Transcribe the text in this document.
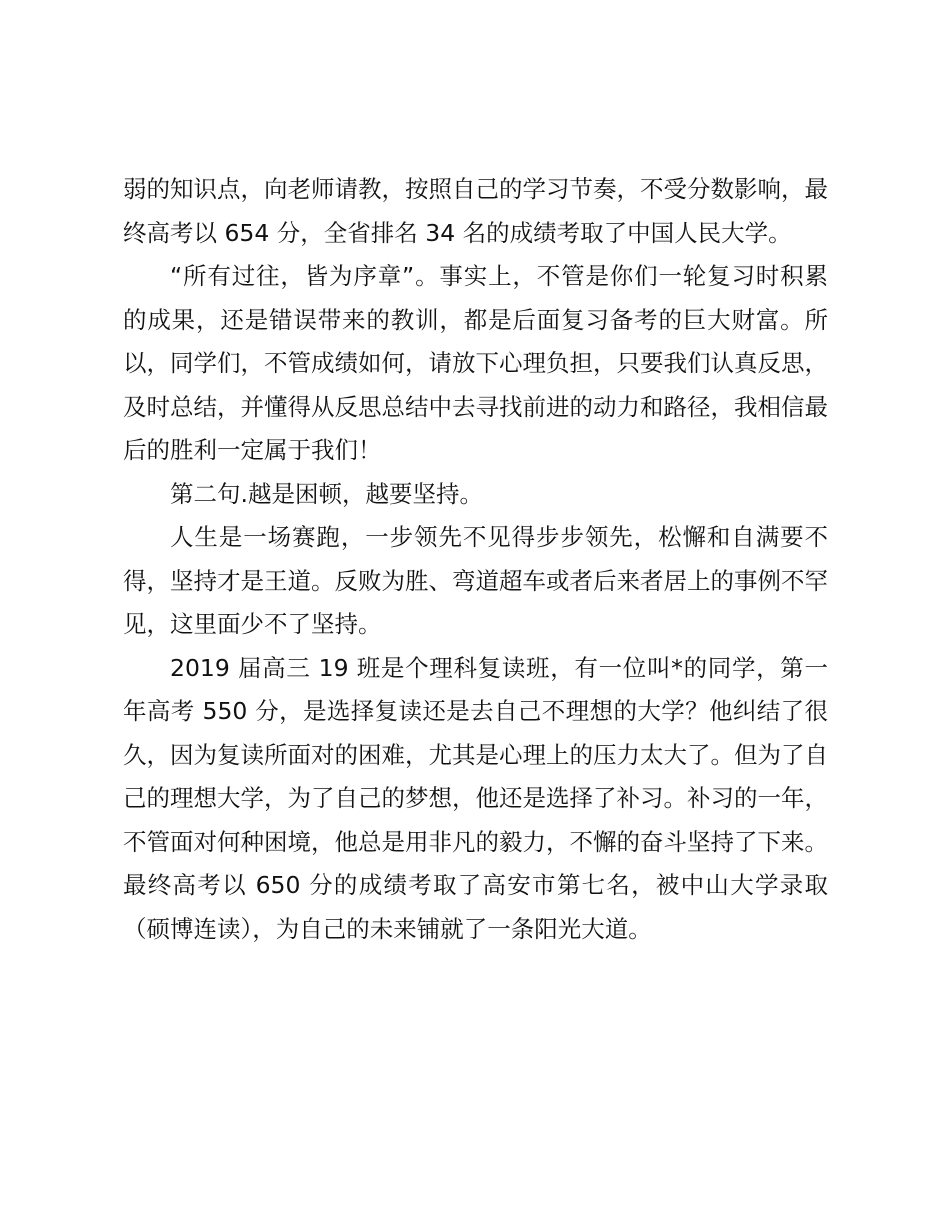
弱的知识点，向老师请教，按照自己的学习节奏，不受分数影响，最终高考以 654 分，全省排名 34 名的成绩考取了中国人民大学。

“所有过往，皆为序章”。事实上，不管是你们一轮复习时积累的成果，还是错误带来的教训，都是后面复习备考的巨大财富。所以，同学们，不管成绩如何，请放下心理负担，只要我们认真反思，及时总结，并懂得从反思总结中去寻找前进的动力和路径，我相信最后的胜利一定属于我们！

第二句.越是困顿，越要坚持。

人生是一场赛跑，一步领先不见得步步领先，松懈和自满要不得，坚持才是王道。反败为胜、弯道超车或者后来者居上的事例不罕见，这里面少不了坚持。

2019 届高三 19 班是个理科复读班，有一位叫*的同学，第一年高考 550 分，是选择复读还是去自己不理想的大学？他纠结了很久，因为复读所面对的困难，尤其是心理上的压力太大了。但为了自己的理想大学，为了自己的梦想，他还是选择了补习。补习的一年，不管面对何种困境，他总是用非凡的毅力，不懈的奋斗坚持了下来。最终高考以 650 分的成绩考取了高安市第七名，被中山大学录取（硕博连读），为自己的未来铺就了一条阳光大道。
